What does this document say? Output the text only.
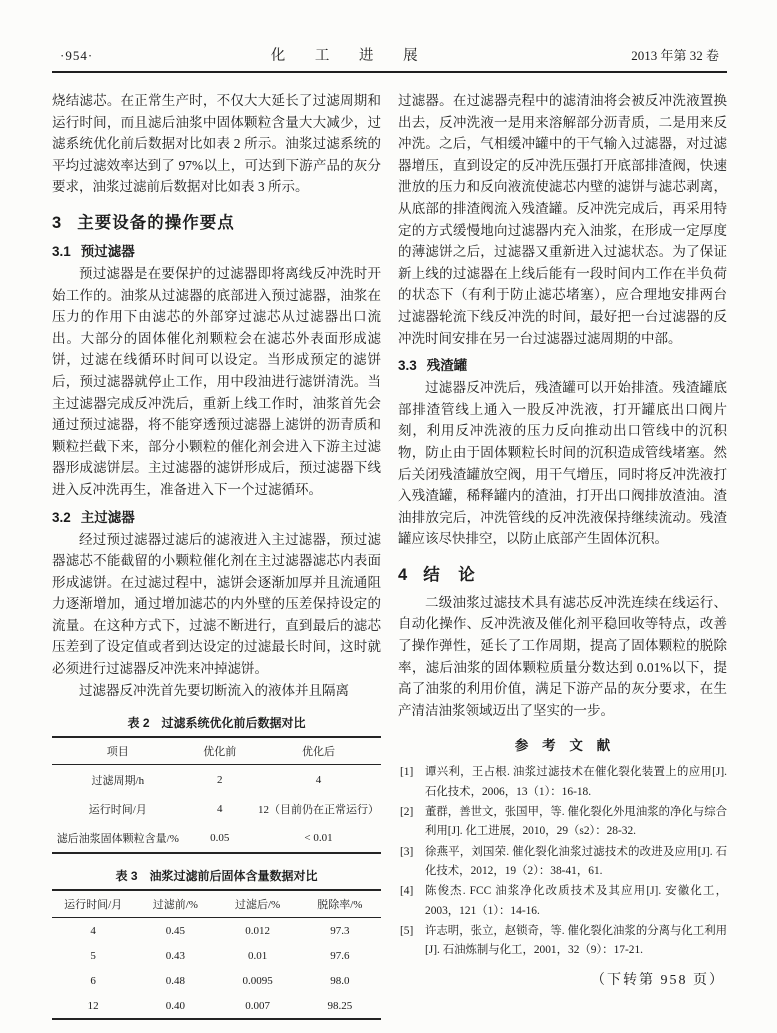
·954·	化 工 进 展	2013 年第 32 卷

烧结滤芯。在正常生产时，不仅大大延长了过滤周期和运行时间，而且滤后油浆中固体颗粒含量大大减少，过滤系统优化前后数据对比如表 2 所示。油浆过滤系统的平均过滤效率达到了 97%以上，可达到下游产品的灰分要求，油浆过滤前后数据对比如表 3 所示。

3 主要设备的操作要点
3.1 预过滤器

预过滤器是在要保护的过滤器即将离线反冲洗时开始工作的。油浆从过滤器的底部进入预过滤器，油浆在压力的作用下由滤芯的外部穿过滤芯从过滤器出口流出。大部分的固体催化剂颗粒会在滤芯外表面形成滤饼，过滤在线循环时间可以设定。当形成预定的滤饼后，预过滤器就停止工作，用中段油进行滤饼清洗。当主过滤器完成反冲洗后，重新上线工作时，油浆首先会通过预过滤器，将不能穿透预过滤器上滤饼的沥青质和颗粒拦截下来，部分小颗粒的催化剂会进入下游主过滤器形成滤饼层。主过滤器的滤饼形成后，预过滤器下线进入反冲洗再生，准备进入下一个过滤循环。

3.2 主过滤器

经过预过滤器过滤后的滤液进入主过滤器，预过滤器滤芯不能截留的小颗粒催化剂在主过滤器滤芯内表面形成滤饼。在过滤过程中，滤饼会逐渐加厚并且流通阻力逐渐增加，通过增加滤芯的内外壁的压差保持设定的流量。在这种方式下，过滤不断进行，直到最后的滤芯压差到了设定值或者到达设定的过滤最长时间，这时就必须进行过滤器反冲洗来冲掉滤饼。

过滤器反冲洗首先要切断流入的液体并且隔离

表 2　过滤系统优化前后数据对比
项目	优化前	优化后
过滤周期/h	2	4
运行时间/月	4	12（目前仍在正常运行）
滤后油浆固体颗粒含量/%	0.05	< 0.01
表 3　油浆过滤前后固体含量数据对比
运行时间/月	过滤前/%	过滤后/%	脱除率/%
4	0.45	0.012	97.3
5	0.43	0.01	97.6
6	0.48	0.0095	98.0
12	0.40	0.007	98.25

过滤器。在过滤器壳程中的滤清油将会被反冲洗液置换出去，反冲洗液一是用来溶解部分沥青质，二是用来反冲洗。之后，气相缓冲罐中的干气输入过滤器，对过滤器增压，直到设定的反冲洗压强打开底部排渣阀，快速泄放的压力和反向液流使滤芯内壁的滤饼与滤芯剥离，从底部的排渣阀流入残渣罐。反冲洗完成后，再采用特定的方式缓慢地向过滤器内充入油浆，在形成一定厚度的薄滤饼之后，过滤器又重新进入过滤状态。为了保证新上线的过滤器在上线后能有一段时间内工作在半负荷的状态下（有利于防止滤芯堵塞），应合理地安排两台过滤器轮流下线反冲洗的时间，最好把一台过滤器的反冲洗时间安排在另一台过滤器过滤周期的中部。

3.3 残渣罐

过滤器反冲洗后，残渣罐可以开始排渣。残渣罐底部排渣管线上通入一股反冲洗液，打开罐底出口阀片刻，利用反冲洗液的压力反向推动出口管线中的沉积物，防止由于固体颗粒长时间的沉积造成管线堵塞。然后关闭残渣罐放空阀，用干气增压，同时将反冲洗液打入残渣罐，稀释罐内的渣油，打开出口阀排放渣油。渣油排放完后，冲洗管线的反冲洗液保持继续流动。残渣罐应该尽快排空，以防止底部产生固体沉积。

4 结　论

二级油浆过滤技术具有滤芯反冲洗连续在线运行、自动化操作、反冲洗液及催化剂平稳回收等特点，改善了操作弹性，延长了工作周期，提高了固体颗粒的脱除率，滤后油浆的固体颗粒质量分数达到 0.01%以下，提高了油浆的利用价值，满足下游产品的灰分要求，在生产清洁油浆领域迈出了坚实的一步。

参 考 文 献
[1] 谭兴利，王占根. 油浆过滤技术在催化裂化装置上的应用[J]. 石化技术，2006，13（1）：16-18.
[2] 董群，善世文，张国甲，等. 催化裂化外甩油浆的净化与综合利用[J]. 化工进展，2010，29（s2）：28-32.
[3] 徐燕平，刘国荣. 催化裂化油浆过滤技术的改进及应用[J]. 石化技术，2012，19（2）：38-41，61.
[4] 陈俊杰. FCC 油浆净化改质技术及其应用[J]. 安徽化工，2003，121（1）：14-16.
[5] 许志明，张立，赵锁奇，等. 催化裂化油浆的分离与化工利用[J]. 石油炼制与化工，2001，32（9）：17-21.
（下转第 958 页）
